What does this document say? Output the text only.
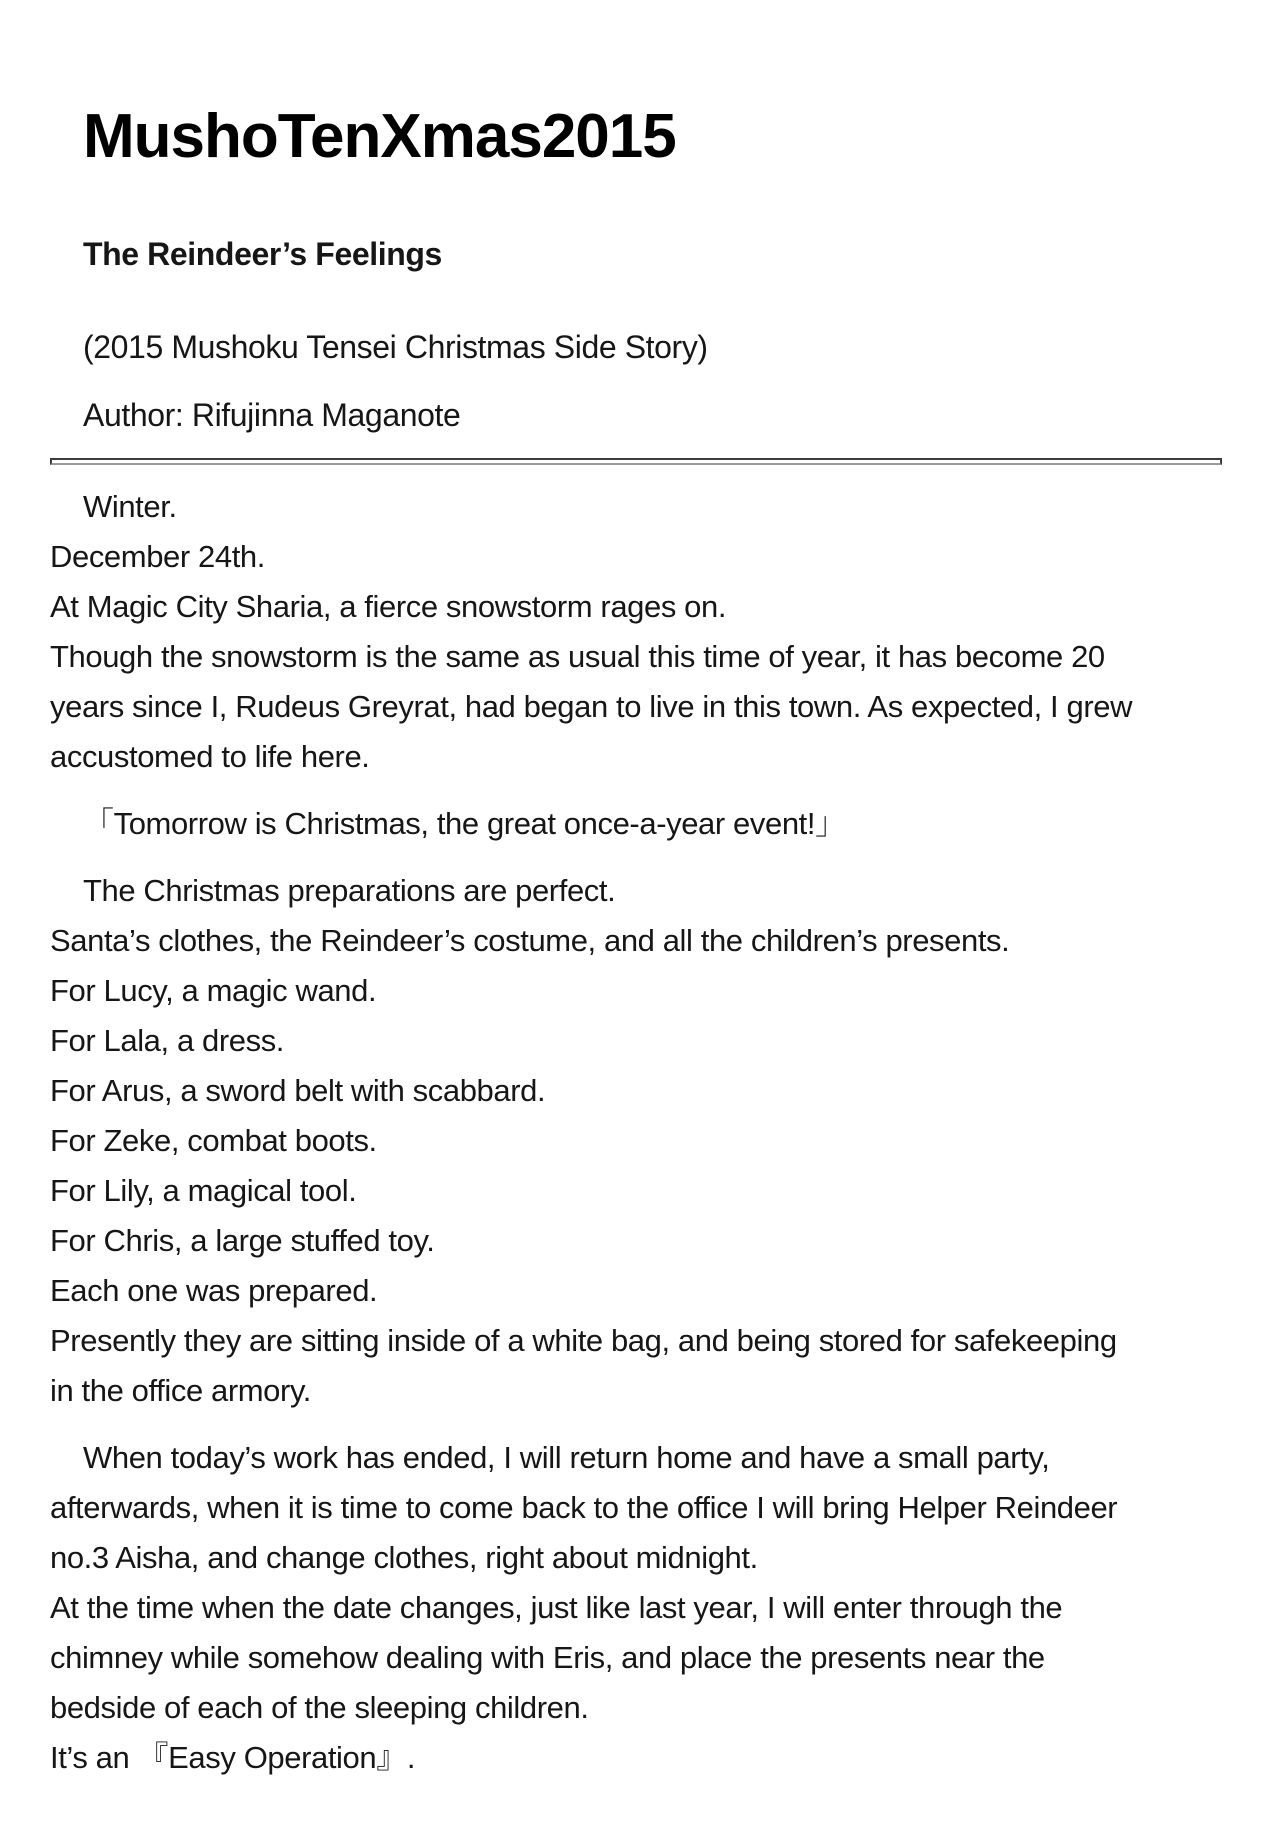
MushoTenXmas2015
The Reindeer’s Feelings
(2015 Mushoku Tensei Christmas Side Story)
Author: Rifujinna Maganote
Winter.
December 24th.
At Magic City Sharia, a fierce snowstorm rages on.
Though the snowstorm is the same as usual this time of year, it has become 20
years since I, Rudeus Greyrat, had began to live in this town. As expected, I grew
accustomed to life here.
「Tomorrow is Christmas, the great once-a-year event!」
The Christmas preparations are perfect.
Santa’s clothes, the Reindeer’s costume, and all the children’s presents.
For Lucy, a magic wand.
For Lala, a dress.
For Arus, a sword belt with scabbard.
For Zeke, combat boots.
For Lily, a magical tool.
For Chris, a large stuffed toy.
Each one was prepared.
Presently they are sitting inside of a white bag, and being stored for safekeeping
in the office armory.
When today’s work has ended, I will return home and have a small party,
afterwards, when it is time to come back to the office I will bring Helper Reindeer
no.3 Aisha, and change clothes, right about midnight.
At the time when the date changes, just like last year, I will enter through the
chimney while somehow dealing with Eris, and place the presents near the
bedside of each of the sleeping children.
It’s an 『Easy Operation』.
